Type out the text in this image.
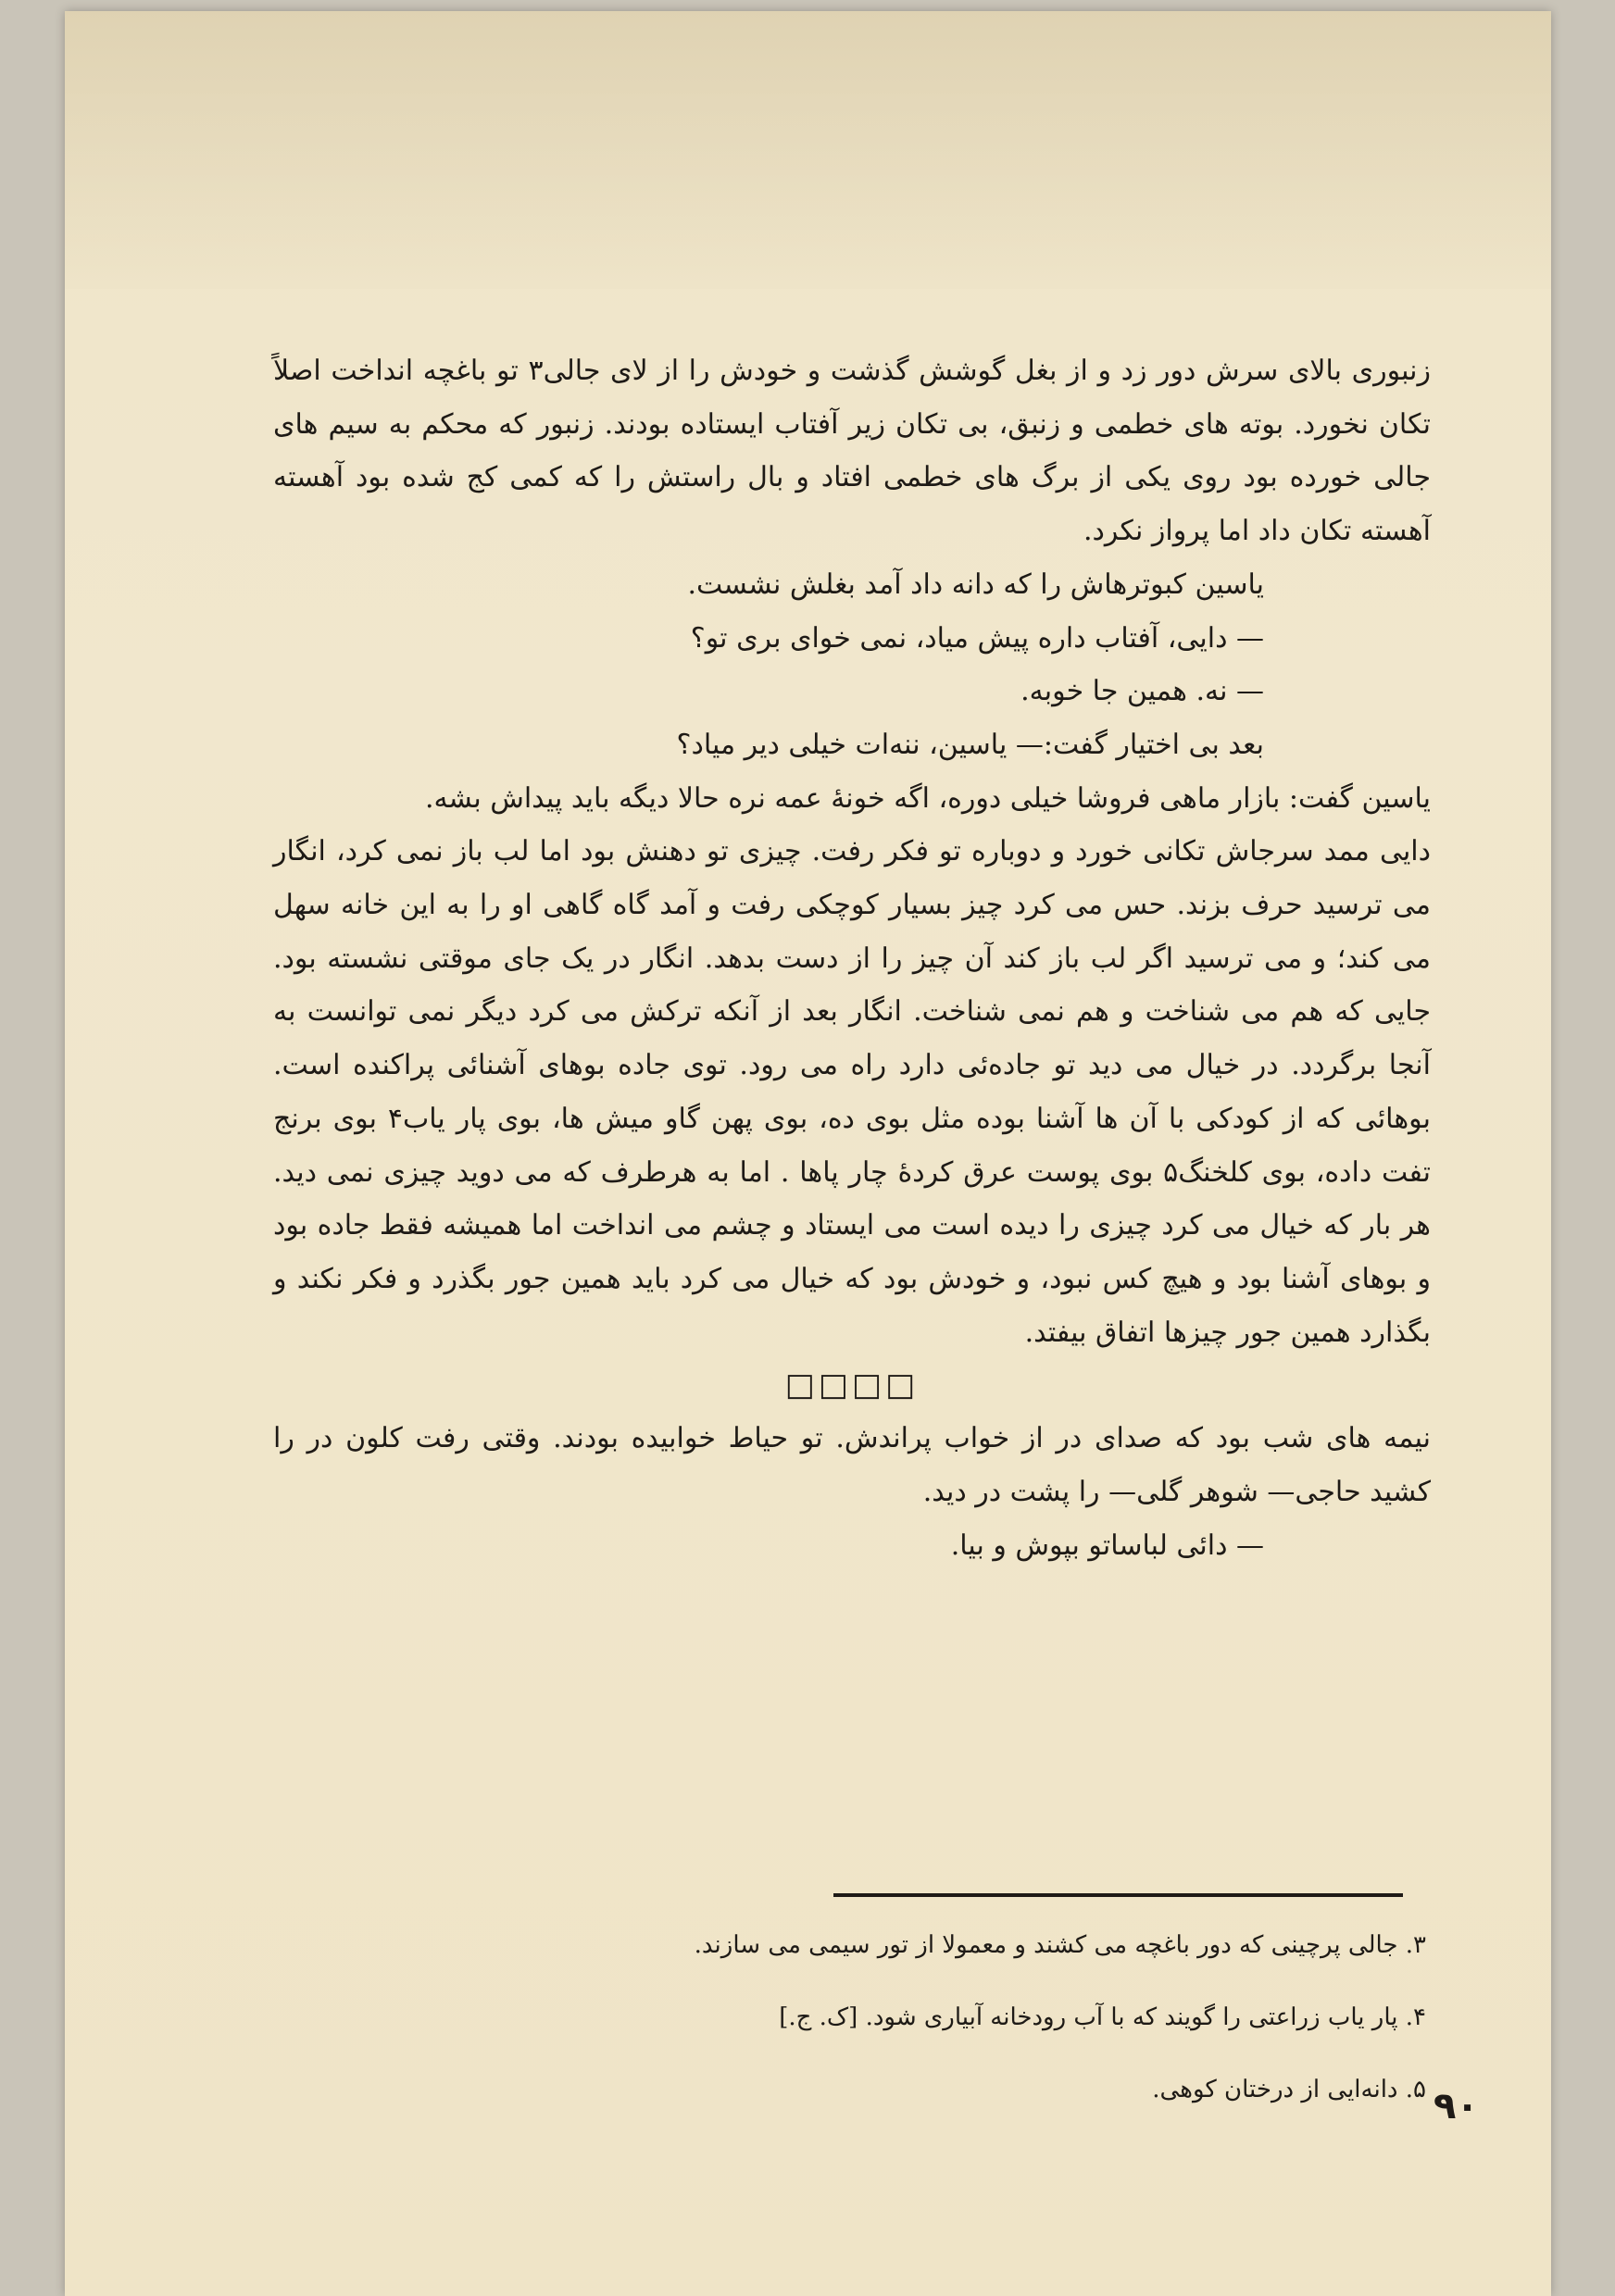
زنبوری بالای سرش دور زد و از بغل گوشش گذشت و خودش را از لای جالی۳ تو باغچه انداخت اصلاً تکان نخورد. بوته های خطمی و زنبق، بی تکان زیر آفتاب ایستاده بودند. زنبور که محکم به سیم های جالی خورده بود روی یکی از برگ های خطمی افتاد و بال راستش را که کمی کج شده بود آهسته آهسته تکان داد اما پرواز نکرد.

یاسین کبوترهاش را که دانه داد آمد بغلش نشست.

— دایی، آفتاب داره پیش میاد، نمی خوای بری تو؟

— نه. همین جا خوبه.

بعد بی اختیار گفت:— یاسین، ننه‌ات خیلی دیر میاد؟

یاسین گفت: بازار ماهی فروشا خیلی دوره، اگه خونهٔ عمه نره حالا دیگه باید پیداش بشه.

دایی ممد سرجاش تکانی خورد و دوباره تو فکر رفت. چیزی تو دهنش بود اما لب باز نمی کرد، انگار می ترسید حرف بزند. حس می کرد چیز بسیار کوچکی رفت و آمد گاه گاهی او را به این خانه سهل می کند؛ و می ترسید اگر لب باز کند آن چیز را از دست بدهد. انگار در یک جای موقتی نشسته بود. جایی که هم می شناخت و هم نمی شناخت. انگار بعد از آنکه ترکش می کرد دیگر نمی توانست به آنجا برگردد. در خیال می دید تو جاده‌ئی دارد راه می رود. توی جاده بوهای آشنائی پراکنده است. بوهائی که از کودکی با آن ها آشنا بوده مثل بوی ده، بوی پهن گاو میش ها، بوی پار یاب۴ بوی برنج تفت داده، بوی کلخنگ۵ بوی پوست عرق کردهٔ چار پاها . اما به هرطرف که می دوید چیزی نمی دید. هر بار که خیال می کرد چیزی را دیده است می ایستاد و چشم می انداخت اما همیشه فقط جاده بود و بوهای آشنا بود و هیچ کس نبود، و خودش بود که خیال می کرد باید همین جور بگذرد و فکر نکند و بگذارد همین جور چیزها اتفاق بیفتد.

□□□□

نیمه های شب بود که صدای در از خواب پراندش. تو حیاط خوابیده بودند. وقتی رفت کلون در را کشید حاجی— شوهر گلی— را پشت در دید.

— دائی لباساتو بپوش و بیا.

۳. جالی پرچینی که دور باغچه می کشند و معمولا از تور سیمی می سازند.
۴. پار یاب زراعتی را گویند که با آب رودخانه آبیاری شود. [ک. ج.]
۵. دانه‌ایی از درختان کوهی. ۹۰
